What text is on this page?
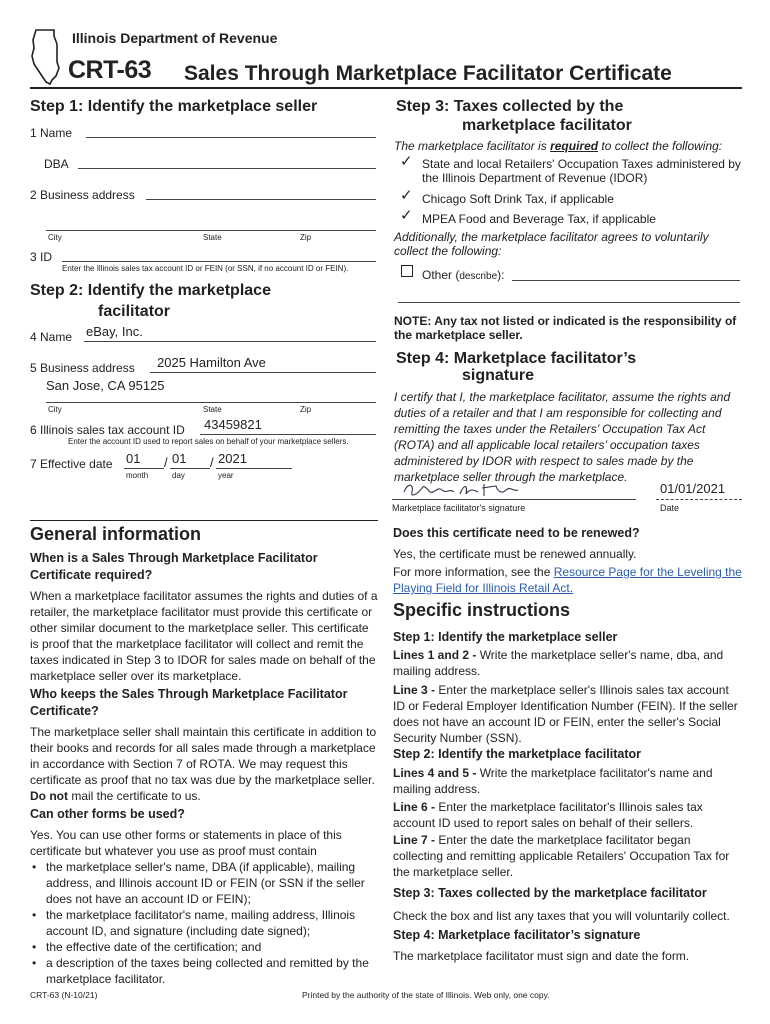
Illinois Department of Revenue
CRT-63 Sales Through Marketplace Facilitator Certificate
Step 1: Identify the marketplace seller
1 Name
DBA
2 Business address
City	State	Zip
3 ID
Enter the Illinois sales tax account ID or FEIN (or SSN, if no account ID or FEIN).
Step 2: Identify the marketplace
facilitator
4 Name eBay, Inc.
5 Business address 2025 Hamilton Ave
San Jose, CA 95125
City	State	Zip
6 Illinois sales tax account ID 43459821
Enter the account ID used to report sales on behalf of your marketplace sellers.
7 Effective date 01 / 01 / 2021
month	day	year
Step 3: Taxes collected by the
marketplace facilitator
The marketplace facilitator is required to collect the following:
✓ State and local Retailers' Occupation Taxes administered by the Illinois Department of Revenue (IDOR)
✓ Chicago Soft Drink Tax, if applicable
✓ MPEA Food and Beverage Tax, if applicable
Additionally, the marketplace facilitator agrees to voluntarily collect the following:
Other (describe):
NOTE: Any tax not listed or indicated is the responsibility of the marketplace seller.
Step 4: Marketplace facilitator’s
signature
I certify that I, the marketplace facilitator, assume the rights and duties of a retailer and that I am responsible for collecting and remitting the taxes under the Retailers’ Occupation Tax Act (ROTA) and all applicable local retailers’ occupation taxes administered by IDOR with respect to sales made by the marketplace seller through the marketplace.
01/01/2021
Marketplace facilitator's signature	Date
General information
When is a Sales Through Marketplace Facilitator Certificate required?
When a marketplace facilitator assumes the rights and duties of a retailer, the marketplace facilitator must provide this certificate or other similar document to the marketplace seller. This certificate is proof that the marketplace facilitator will collect and remit the taxes indicated in Step 3 to IDOR for sales made on behalf of the marketplace seller over its marketplace.
Who keeps the Sales Through Marketplace Facilitator Certificate?
The marketplace seller shall maintain this certificate in addition to their books and records for all sales made through a marketplace in accordance with Section 7 of ROTA. We may request this certificate as proof that no tax was due by the marketplace seller. Do not mail the certificate to us.
Can other forms be used?
Yes. You can use other forms or statements in place of this certificate but whatever you use as proof must contain
• the marketplace seller's name, DBA (if applicable), mailing address, and Illinois account ID or FEIN (or SSN if the seller does not have an account ID or FEIN);
• the marketplace facilitator's name, mailing address, Illinois account ID, and signature (including date signed);
• the effective date of the certification; and
• a description of the taxes being collected and remitted by the marketplace facilitator.
Does this certificate need to be renewed?
Yes, the certificate must be renewed annually.
For more information, see the Resource Page for the Leveling the Playing Field for Illinois Retail Act.
Specific instructions
Step 1: Identify the marketplace seller
Lines 1 and 2 - Write the marketplace seller's name, dba, and mailing address.
Line 3 - Enter the marketplace seller's Illinois sales tax account ID or Federal Employer Identification Number (FEIN). If the seller does not have an account ID or FEIN, enter the seller's Social Security Number (SSN).
Step 2: Identify the marketplace facilitator
Lines 4 and 5 - Write the marketplace facilitator's name and mailing address.
Line 6 - Enter the marketplace facilitator's Illinois sales tax account ID used to report sales on behalf of their sellers.
Line 7 - Enter the date the marketplace facilitator began collecting and remitting applicable Retailers' Occupation Tax for the marketplace seller.
Step 3: Taxes collected by the marketplace facilitator
Check the box and list any taxes that you will voluntarily collect.
Step 4: Marketplace facilitator’s signature
The marketplace facilitator must sign and date the form.
CRT-63 (N-10/21)	Printed by the authority of the state of Illinois. Web only, one copy.
